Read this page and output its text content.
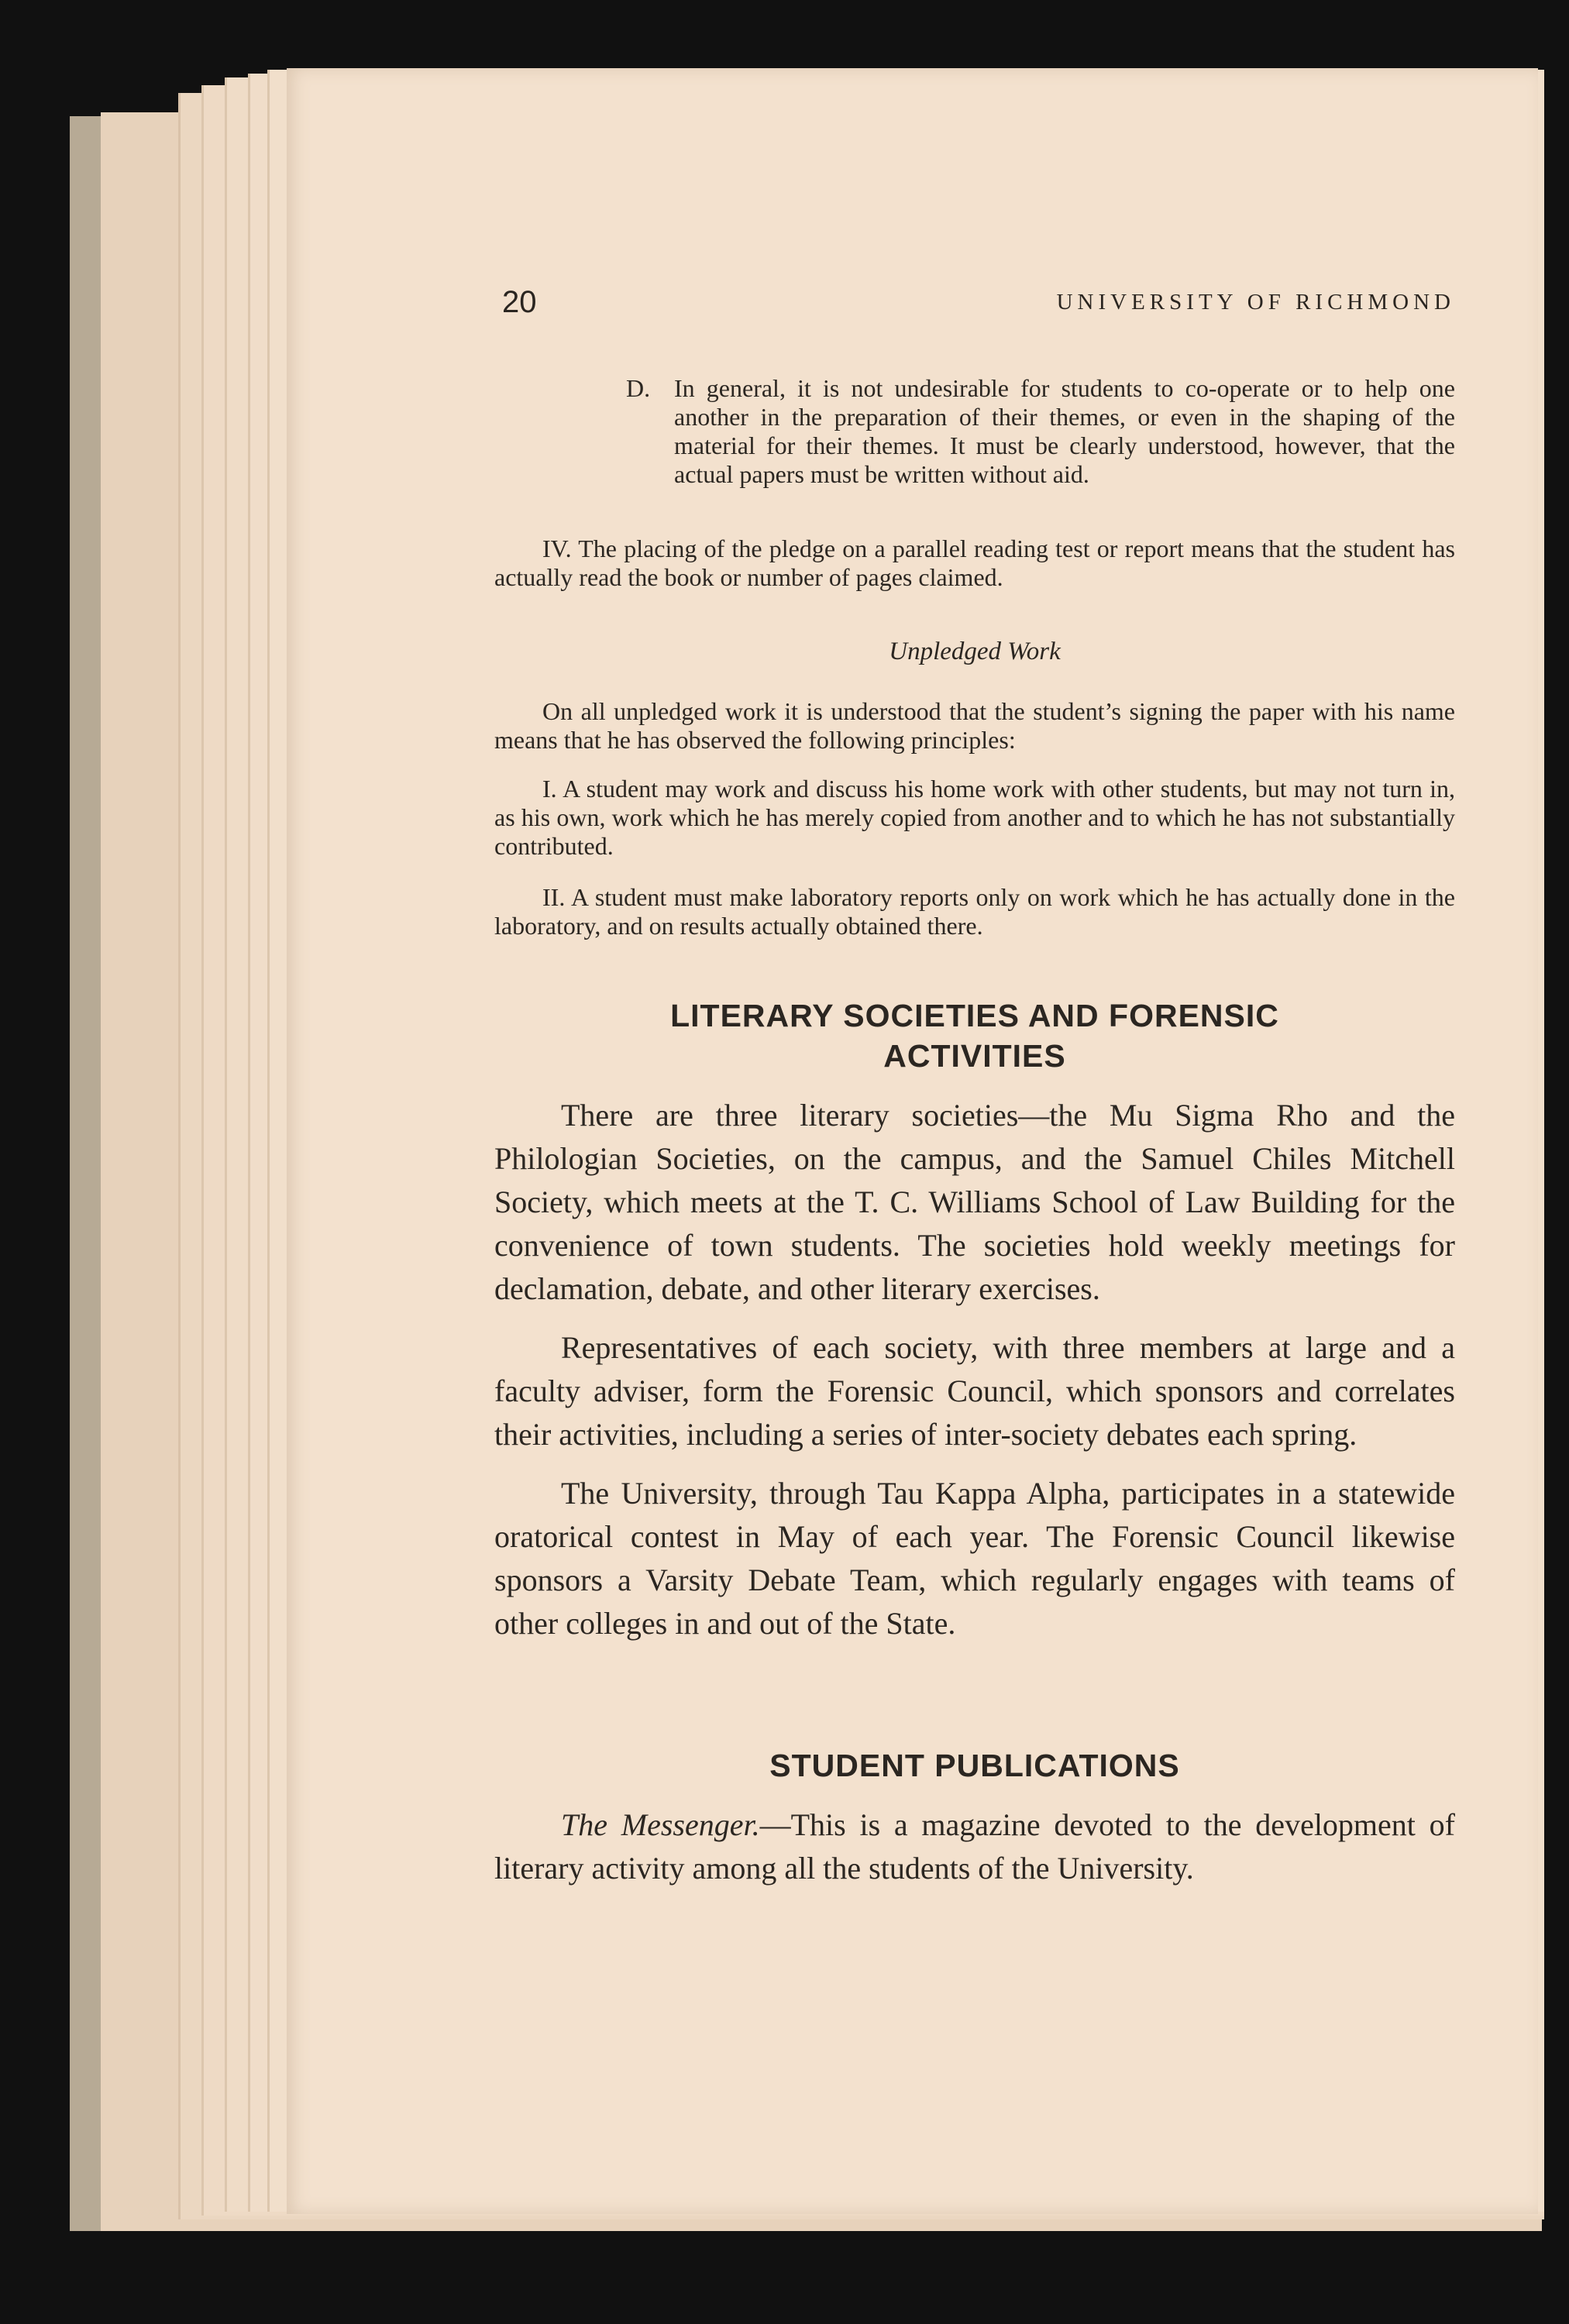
20	UNIVERSITY OF RICHMOND
D. In general, it is not undesirable for students to co-operate or to help one another in the preparation of their themes, or even in the shaping of the material for their themes. It must be clearly understood, however, that the actual papers must be written without aid.

IV. The placing of the pledge on a parallel reading test or report means that the student has actually read the book or number of pages claimed.

Unpledged Work

On all unpledged work it is understood that the student’s signing the paper with his name means that he has observed the following principles:

I. A student may work and discuss his home work with other students, but may not turn in, as his own, work which he has merely copied from another and to which he has not substantially contributed.

II. A student must make laboratory reports only on work which he has actually done in the laboratory, and on results actually obtained there.

LITERARY SOCIETIES AND FORENSIC
ACTIVITIES

There are three literary societies—the Mu Sigma Rho and the Philologian Societies, on the campus, and the Samuel Chiles Mitchell Society, which meets at the T. C. Williams School of Law Building for the convenience of town students. The societies hold weekly meetings for declamation, debate, and other literary exercises.

Representatives of each society, with three members at large and a faculty adviser, form the Forensic Council, which sponsors and correlates their activities, including a series of inter-society debates each spring.

The University, through Tau Kappa Alpha, participates in a statewide oratorical contest in May of each year. The Forensic Council likewise sponsors a Varsity Debate Team, which regularly engages with teams of other colleges in and out of the State.

STUDENT PUBLICATIONS

The Messenger.—This is a magazine devoted to the development of literary activity among all the students of the University.
